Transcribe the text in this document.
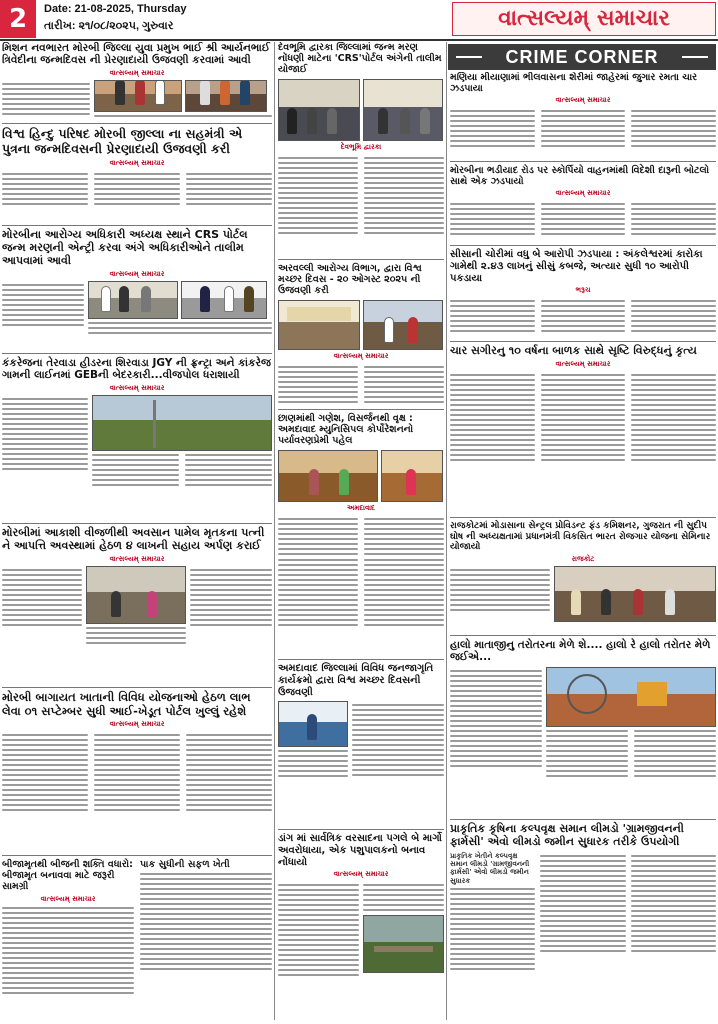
2	Date: 21-08-2025, Thursday
તારીખ: ૨૧/૦૮/૨૦૨૫, ગુરુવાર	વાત્સલ્યમ્ સમાચાર
મિશન નવભારત મોરબી જિલ્લા યુવા પ્રમુખ ભાઈ શ્રી આર્યનભાઈ ત્રિવેદીના જન્મદિવસ ની પ્રેરણાદાયી ઉજવણી કરવામાં આવી
વાત્સલ્યમ્ સમાચાર
વિશ્વ હિન્દુ પરિષદ મોરબી જીલ્લા ના સહમંત્રી એ પુત્રના જન્મદિવસની પ્રેરણાદાયી ઉજવણી કરી
વાત્સલ્યમ્ સમાચાર
મોરબીના આરોગ્ય અધિકારી અધ્યક્ષ સ્થાને CRS પોર્ટલ જન્મ મરણની એન્ટ્રી કરવા અંગે અધિકારીઓને તાલીમ આપવામાં આવી
વાત્સલ્યમ્ સમાચાર
કંકરેજના તેરવાડા હીડરના શિરવાડા JGY ની ફ્રન્ટ્રા અને કાંકરેજ ગામની લાઈનમાં GEBની બેદરકારી...વીજપોલ ધરાશાયી
વાત્સલ્યમ્ સમાચાર
મોરબીમાં આકાશી વીજળીથી અવસાન પામેલ મૃતકના પત્ની ને આપત્તિ અવસ્થામાં હેઠળ ૪ લાખની સહાય અર્પણ કરાઈ
વાત્સલ્યમ્ સમાચાર
મોરબી બાગાયત ખાતાની વિવિધ યોજનાઓ હેઠળ લાભ લેવા ૦૧ સપ્ટેમ્બર સુધી આઈ-ખેડૂત પોર્ટલ ખુલ્લું રહેશે
વાત્સલ્યમ્ સમાચાર
બીજામૃતથી બીજની શક્તિ વધારો: બીજામૃત બનાવવા માટે જરૂરી સામગ્રી
વાત્સલ્યમ્ સમાચાર
પાક સુધીની સફળ ખેતી
દેવભૂમિ દ્વારકા જિલ્લામાં જન્મ મરણ નોંધણી માટેના 'CRS'પોર્ટલ અંગેની તાલીમ યોજાઈ
દેવભૂમિ દ્વારકા
અરવલ્લી આરોગ્ય વિભાગ, દ્વારા વિશ્વ મચ્છર દિવસ - ૨૦ ઓગસ્ટ ૨૦૨૫ ની ઉજવણી કરી
વાત્સલ્યમ્ સમાચાર
છાણમાંથી ગણેશ, વિસર્જનથી વૃક્ષ : અમદાવાદ મ્યુનિસિપલ કોર્પોરેશનનો પર્યાવરણપ્રેમી પહેલ
અમદાવાદ
અમદાવાદ જિલ્લામાં વિવિધ જનજાગૃતિ કાર્યક્રમો દ્વારા વિશ્વ મચ્છર દિવસની ઉજવણી
ડાંગ માં સાર્વત્રિક વરસાદના પગલે બે માર્ગો અવરોધાયા, એક પશુપાલકનો બનાવ નોંધાયો
વાત્સલ્યમ્ સમાચાર
CRIME CORNER
મણિયા મીયાણામાં ભીલવાસના શેરીમાં જાહેરમાં જુગાર રમતા ચાર ઝડપાયા
વાત્સલ્યમ્ સમાચાર
મોરબીના ભડીયાદ રોડ પર સ્કોર્પિયો વાહનમાંથી વિદેશી દારૂની બોટલો સાથે એક ઝડપાયો
વાત્સલ્યમ્ સમાચાર
સીસાની ચોરીમાં વધુ બે આરોપી ઝડપાયા : અંકલેશ્વરમાં કારોકા ગામેથી ૨.૪૩ લાખનું સીસું કબજે, અત્યાર સુધી ૧૦ આરોપી પકડાયા
ભરૂચ
ચાર સગીરનુ ૧૦ વર્ષના બાળક સાથે સૃષ્ટિ વિરુદ્ધનું કૃત્ય
વાત્સલ્યમ્ સમાચાર
રાજકોટમાં મોડાસાના સેન્ટ્રલ પ્રોવિડન્ટ ફંડ કમિશનર, ગુજરાત ની સુદીપ ઘોષ ની અધ્યક્ષતામાં પ્રધાનમંત્રી વિકસિત ભારત રોજગાર યોજના સેમિનાર યોજાયો
રાજકોટ
હાલો માતાજીનુ તરોતરના મેળે શે.... હાલો રે હાલો તરોતર મેળે જઈએ...
પ્રાકૃતિક કૃષિના કલ્પવૃક્ષ સમાન લીમડો 'ગ્રામજીવનની ફાર્મસી' એવો લીમડો જમીન સુધારક તરીકે ઉપયોગી
પ્રાકૃતિક ખેતીને કલ્પવૃક્ષ સમાન લીમડો 'ગ્રામજીવનની ફાર્મસી' એવો લીમડો જમીન સુધારક
